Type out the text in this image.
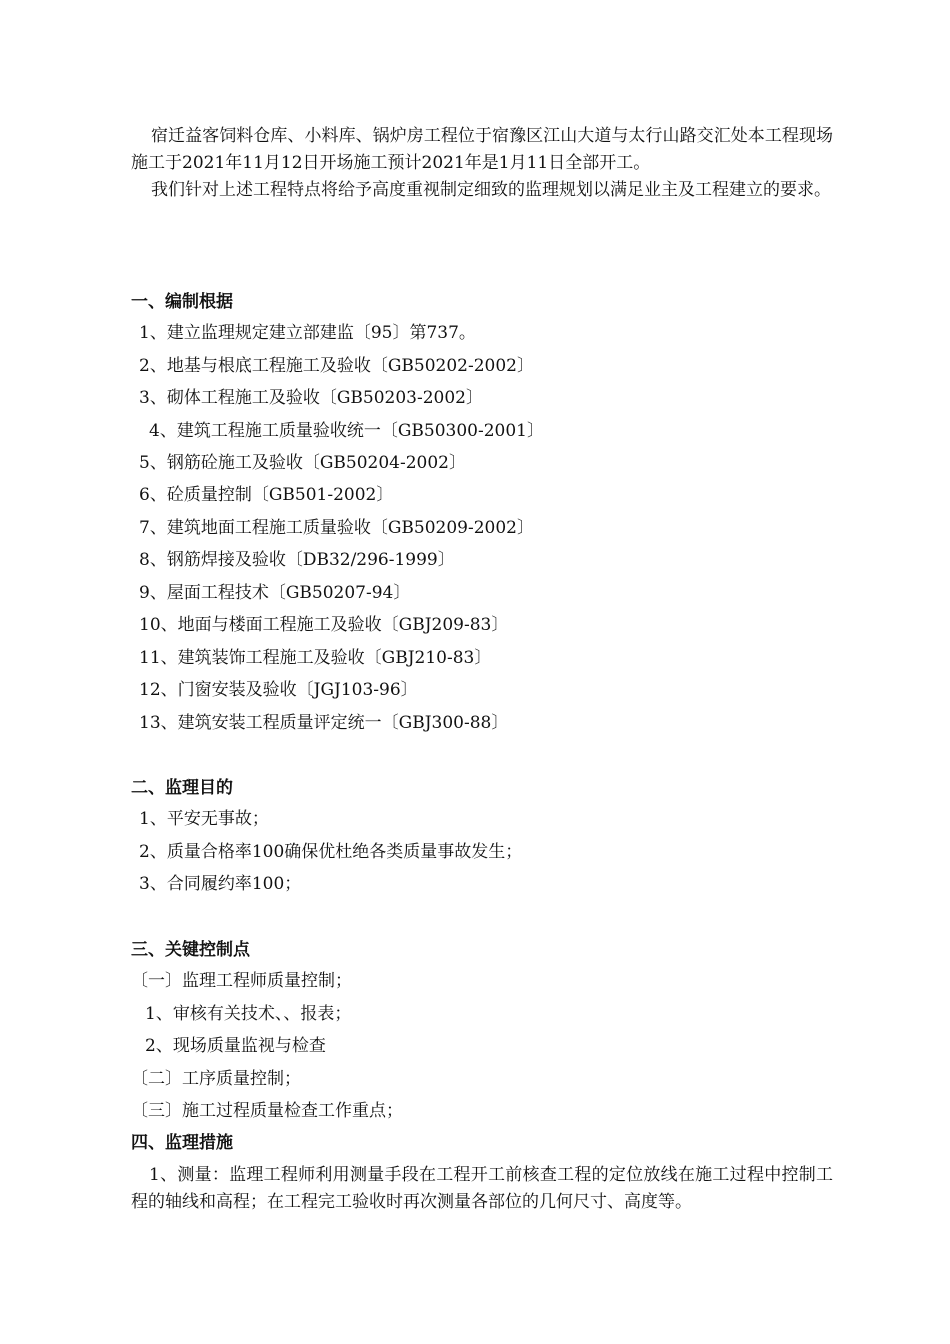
宿迁益客饲料仓库、小料库、锅炉房工程位于宿豫区江山大道与太行山路交汇处本工程现场施工于2021年11月12日开场施工预计2021年是1月11日全部开工。

我们针对上述工程特点将给予高度重视制定细致的监理规划以满足业主及工程建立的要求。

一、编制根据

1、建立监理规定建立部建监〔95〕第737。

2、地基与根底工程施工及验收〔GB50202-2002〕

3、砌体工程施工及验收〔GB50203-2002〕

4、建筑工程施工质量验收统一〔GB50300-2001〕

5、钢筋砼施工及验收〔GB50204-2002〕

6、砼质量控制〔GB501-2002〕

7、建筑地面工程施工质量验收〔GB50209-2002〕

8、钢筋焊接及验收〔DB32/296-1999〕

9、屋面工程技术〔GB50207-94〕

10、地面与楼面工程施工及验收〔GBJ209-83〕

11、建筑装饰工程施工及验收〔GBJ210-83〕

12、门窗安装及验收〔JGJ103-96〕

13、建筑安装工程质量评定统一〔GBJ300-88〕

二、监理目的

1、平安无事故；

2、质量合格率100确保优杜绝各类质量事故发生；

3、合同履约率100；

三、关键控制点

〔一〕监理工程师质量控制；

1、审核有关技术、、报表；

2、现场质量监视与检查

〔二〕工序质量控制；

〔三〕施工过程质量检查工作重点；

四、监理措施

1、测量：监理工程师利用测量手段在工程开工前核查工程的定位放线在施工过程中控制工程的轴线和高程；在工程完工验收时再次测量各部位的几何尺寸、高度等。
